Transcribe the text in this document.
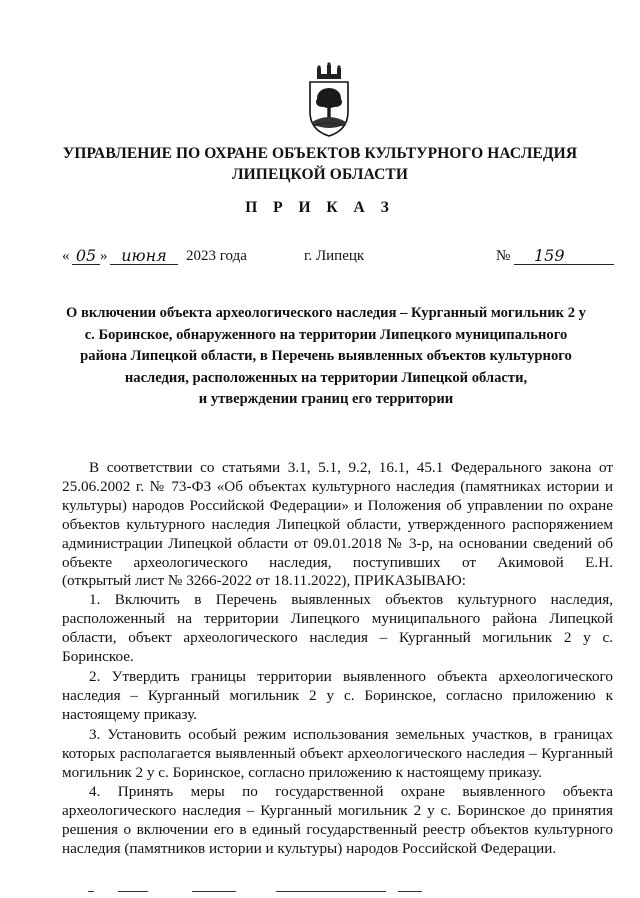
УПРАВЛЕНИЕ ПО ОХРАНЕ ОБЪЕКТОВ КУЛЬТУРНОГО НАСЛЕДИЯ
ЛИПЕЦКОЙ ОБЛАСТИ
П Р И К А З
« 05 » июня	2023 года	г. Липецк	№	159
О включении объекта археологического наследия – Курганный могильник 2 у
с. Боринское, обнаруженного на территории Липецкого муниципального
района Липецкой области, в Перечень выявленных объектов культурного
наследия, расположенных на территории Липецкой области,
и утверждении границ его территории

В соответствии со статьями 3.1, 5.1, 9.2, 16.1, 45.1 Федерального закона от 25.06.2002 г. № 73-ФЗ «Об объектах культурного наследия (памятниках истории и культуры) народов Российской Федерации» и Положения об управлении по охране объектов культурного наследия Липецкой области, утвержденного распоряжением администрации Липецкой области от 09.01.2018 № 3-р, на основании сведений об объекте археологического наследия, поступивших от Акимовой Е.Н.

(открытый лист № 3266-2022 от 18.11.2022), ПРИКАЗЫВАЮ:

1. Включить в Перечень выявленных объектов культурного наследия, расположенный на территории Липецкого муниципального района Липецкой области, объект археологического наследия – Курганный могильник 2 у с. Боринское.

2. Утвердить границы территории выявленного объекта археологического наследия – Курганный могильник 2 у с. Боринское, согласно приложению к настоящему приказу.

3. Установить особый режим использования земельных участков, в границах которых располагается выявленный объект археологического наследия – Курганный могильник 2 у с. Боринское, согласно приложению к настоящему приказу.

4. Принять меры по государственной охране выявленного объекта археологического наследия – Курганный могильник 2 у с. Боринское до принятия решения о включении его в единый государственный реестр объектов культурного наследия (памятников истории и культуры) народов Российской Федерации.
